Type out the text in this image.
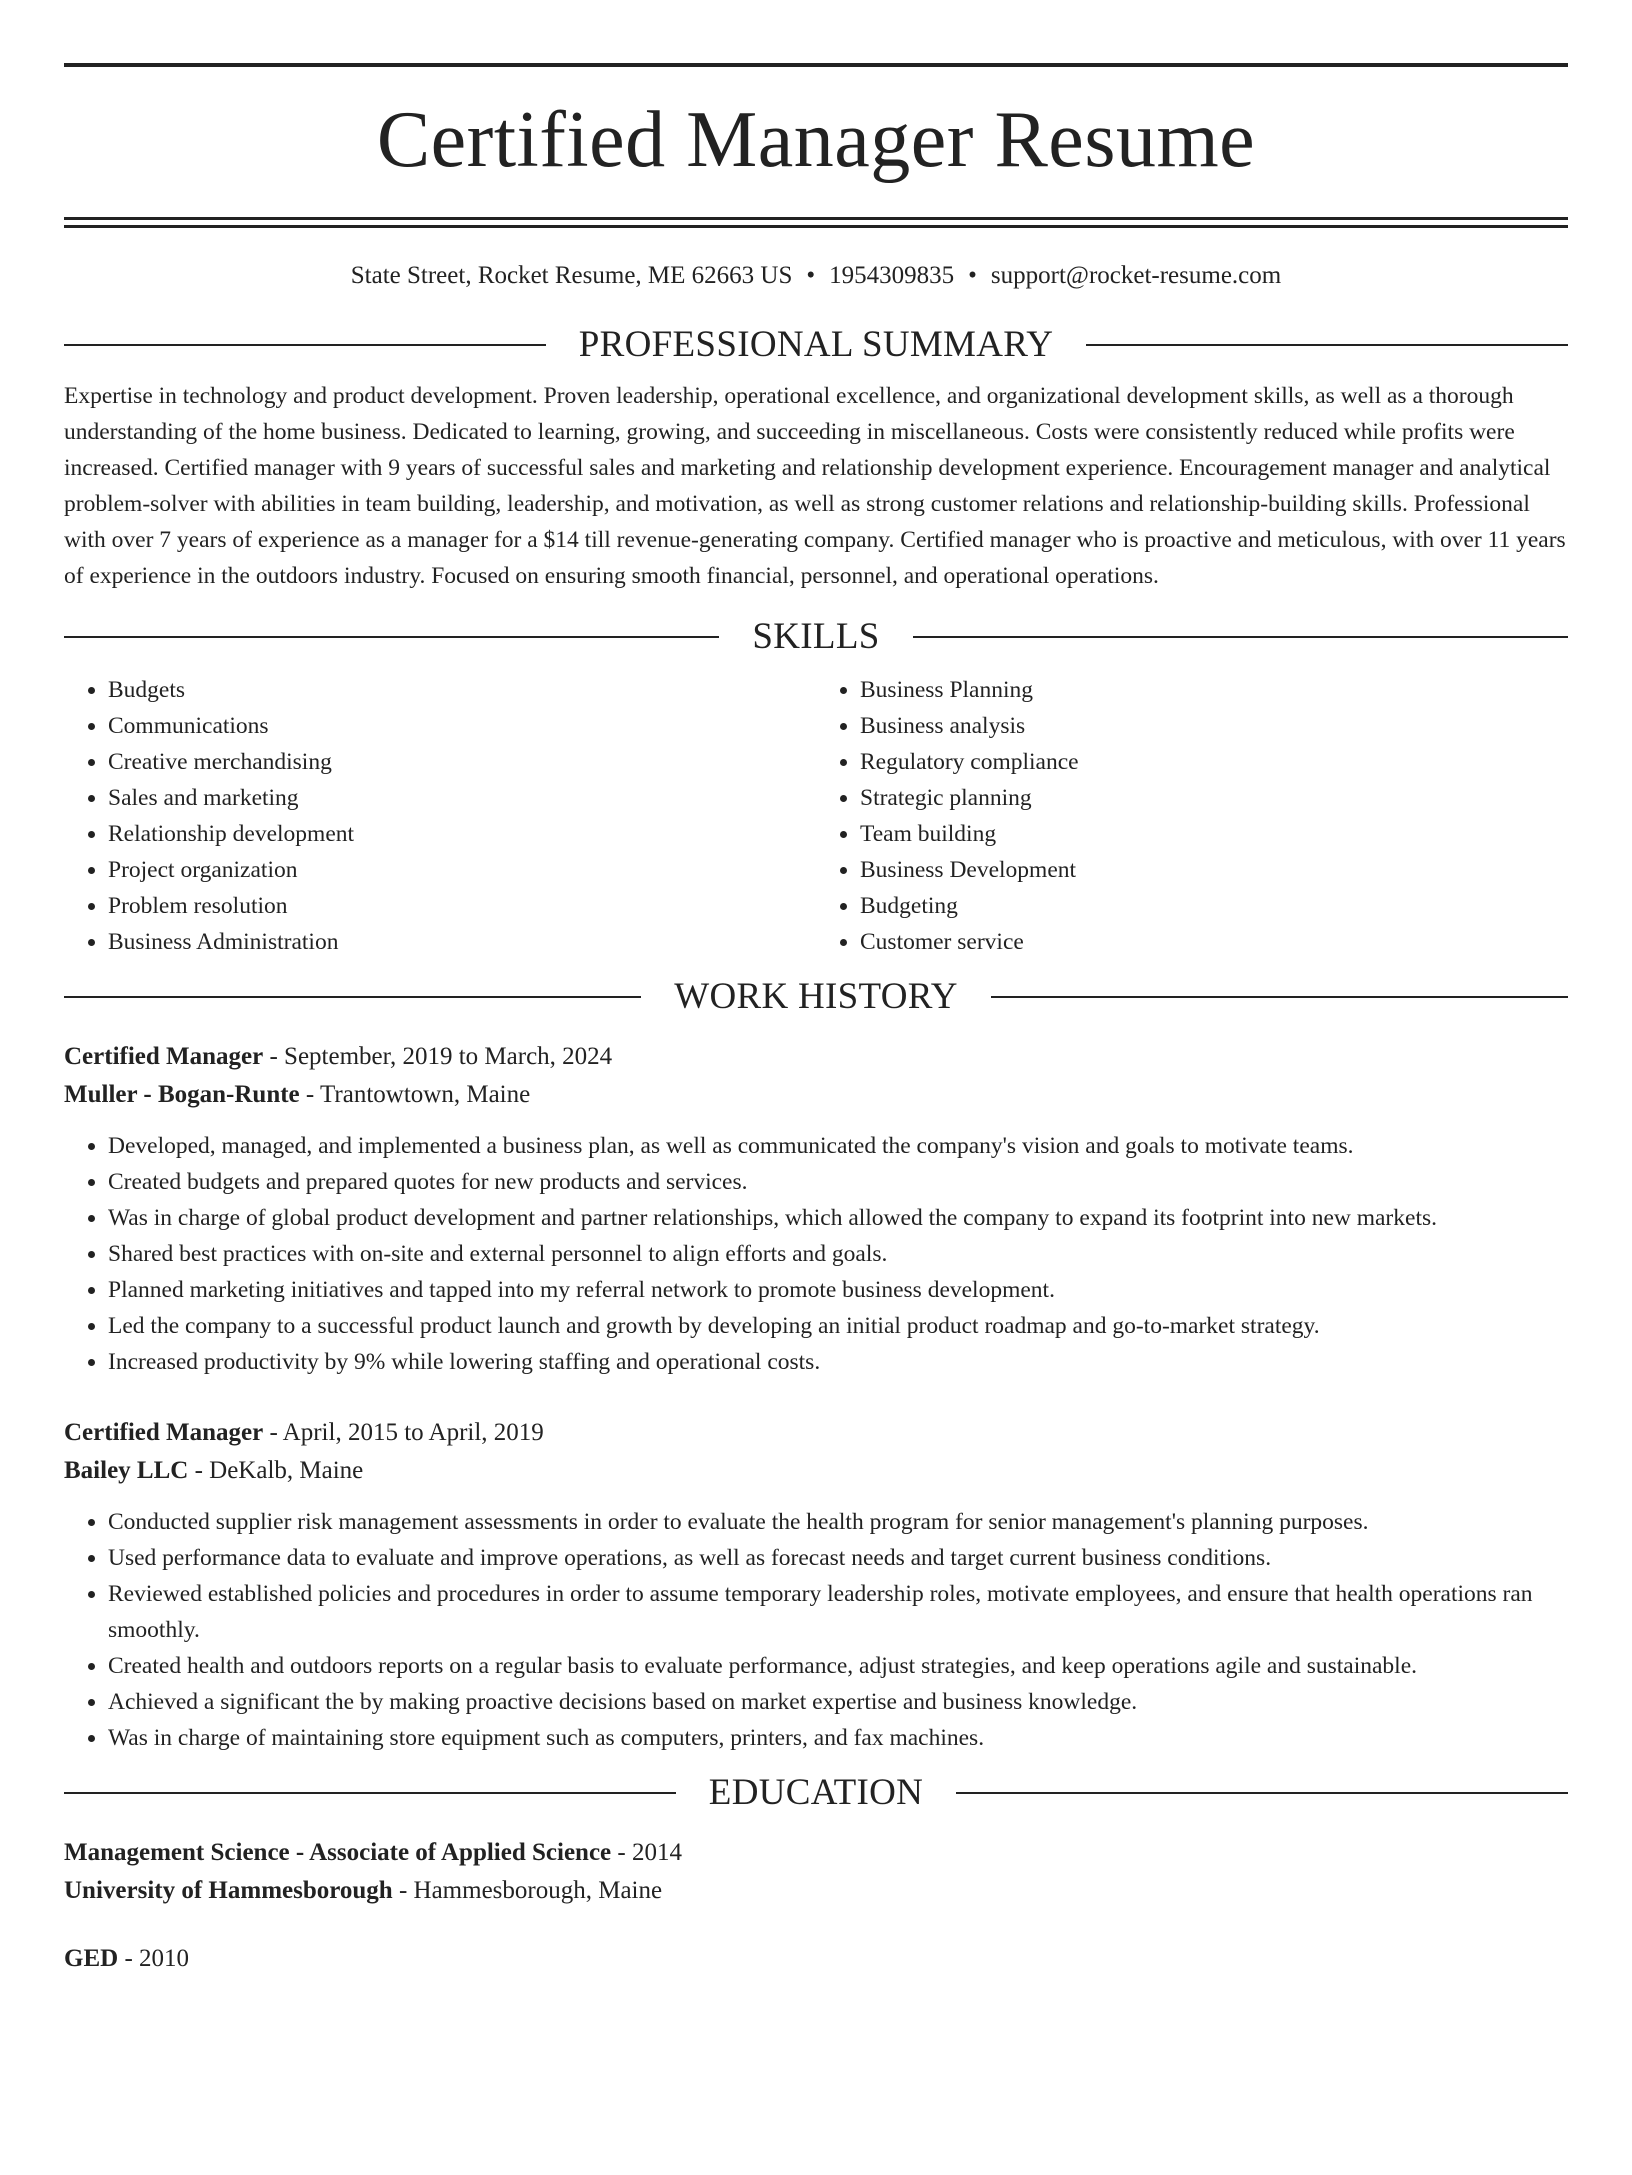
Certified Manager Resume
State Street, Rocket Resume, ME 62663 US • 1954309835 • support@rocket-resume.com
PROFESSIONAL SUMMARY
Expertise in technology and product development. Proven leadership, operational excellence, and organizational development skills, as well as a thorough understanding of the home business. Dedicated to learning, growing, and succeeding in miscellaneous. Costs were consistently reduced while profits were increased. Certified manager with 9 years of successful sales and marketing and relationship development experience. Encouragement manager and analytical problem-solver with abilities in team building, leadership, and motivation, as well as strong customer relations and relationship-building skills. Professional with over 7 years of experience as a manager for a $14 till revenue-generating company. Certified manager who is proactive and meticulous, with over 11 years of experience in the outdoors industry. Focused on ensuring smooth financial, personnel, and operational operations.
SKILLS
• Budgets
• Communications
• Creative merchandising
• Sales and marketing
• Relationship development
• Project organization
• Problem resolution
• Business Administration
• Business Planning
• Business analysis
• Regulatory compliance
• Strategic planning
• Team building
• Business Development
• Budgeting
• Customer service
WORK HISTORY
Certified Manager - September, 2019 to March, 2024
Muller - Bogan-Runte - Trantowtown, Maine
• Developed, managed, and implemented a business plan, as well as communicated the company's vision and goals to motivate teams.
• Created budgets and prepared quotes for new products and services.
• Was in charge of global product development and partner relationships, which allowed the company to expand its footprint into new markets.
• Shared best practices with on-site and external personnel to align efforts and goals.
• Planned marketing initiatives and tapped into my referral network to promote business development.
• Led the company to a successful product launch and growth by developing an initial product roadmap and go-to-market strategy.
• Increased productivity by 9% while lowering staffing and operational costs.
Certified Manager - April, 2015 to April, 2019
Bailey LLC - DeKalb, Maine
• Conducted supplier risk management assessments in order to evaluate the health program for senior management's planning purposes.
• Used performance data to evaluate and improve operations, as well as forecast needs and target current business conditions.
• Reviewed established policies and procedures in order to assume temporary leadership roles, motivate employees, and ensure that health operations ran smoothly.
• Created health and outdoors reports on a regular basis to evaluate performance, adjust strategies, and keep operations agile and sustainable.
• Achieved a significant the by making proactive decisions based on market expertise and business knowledge.
• Was in charge of maintaining store equipment such as computers, printers, and fax machines.
EDUCATION
Management Science - Associate of Applied Science - 2014
University of Hammesborough - Hammesborough, Maine
GED - 2010
